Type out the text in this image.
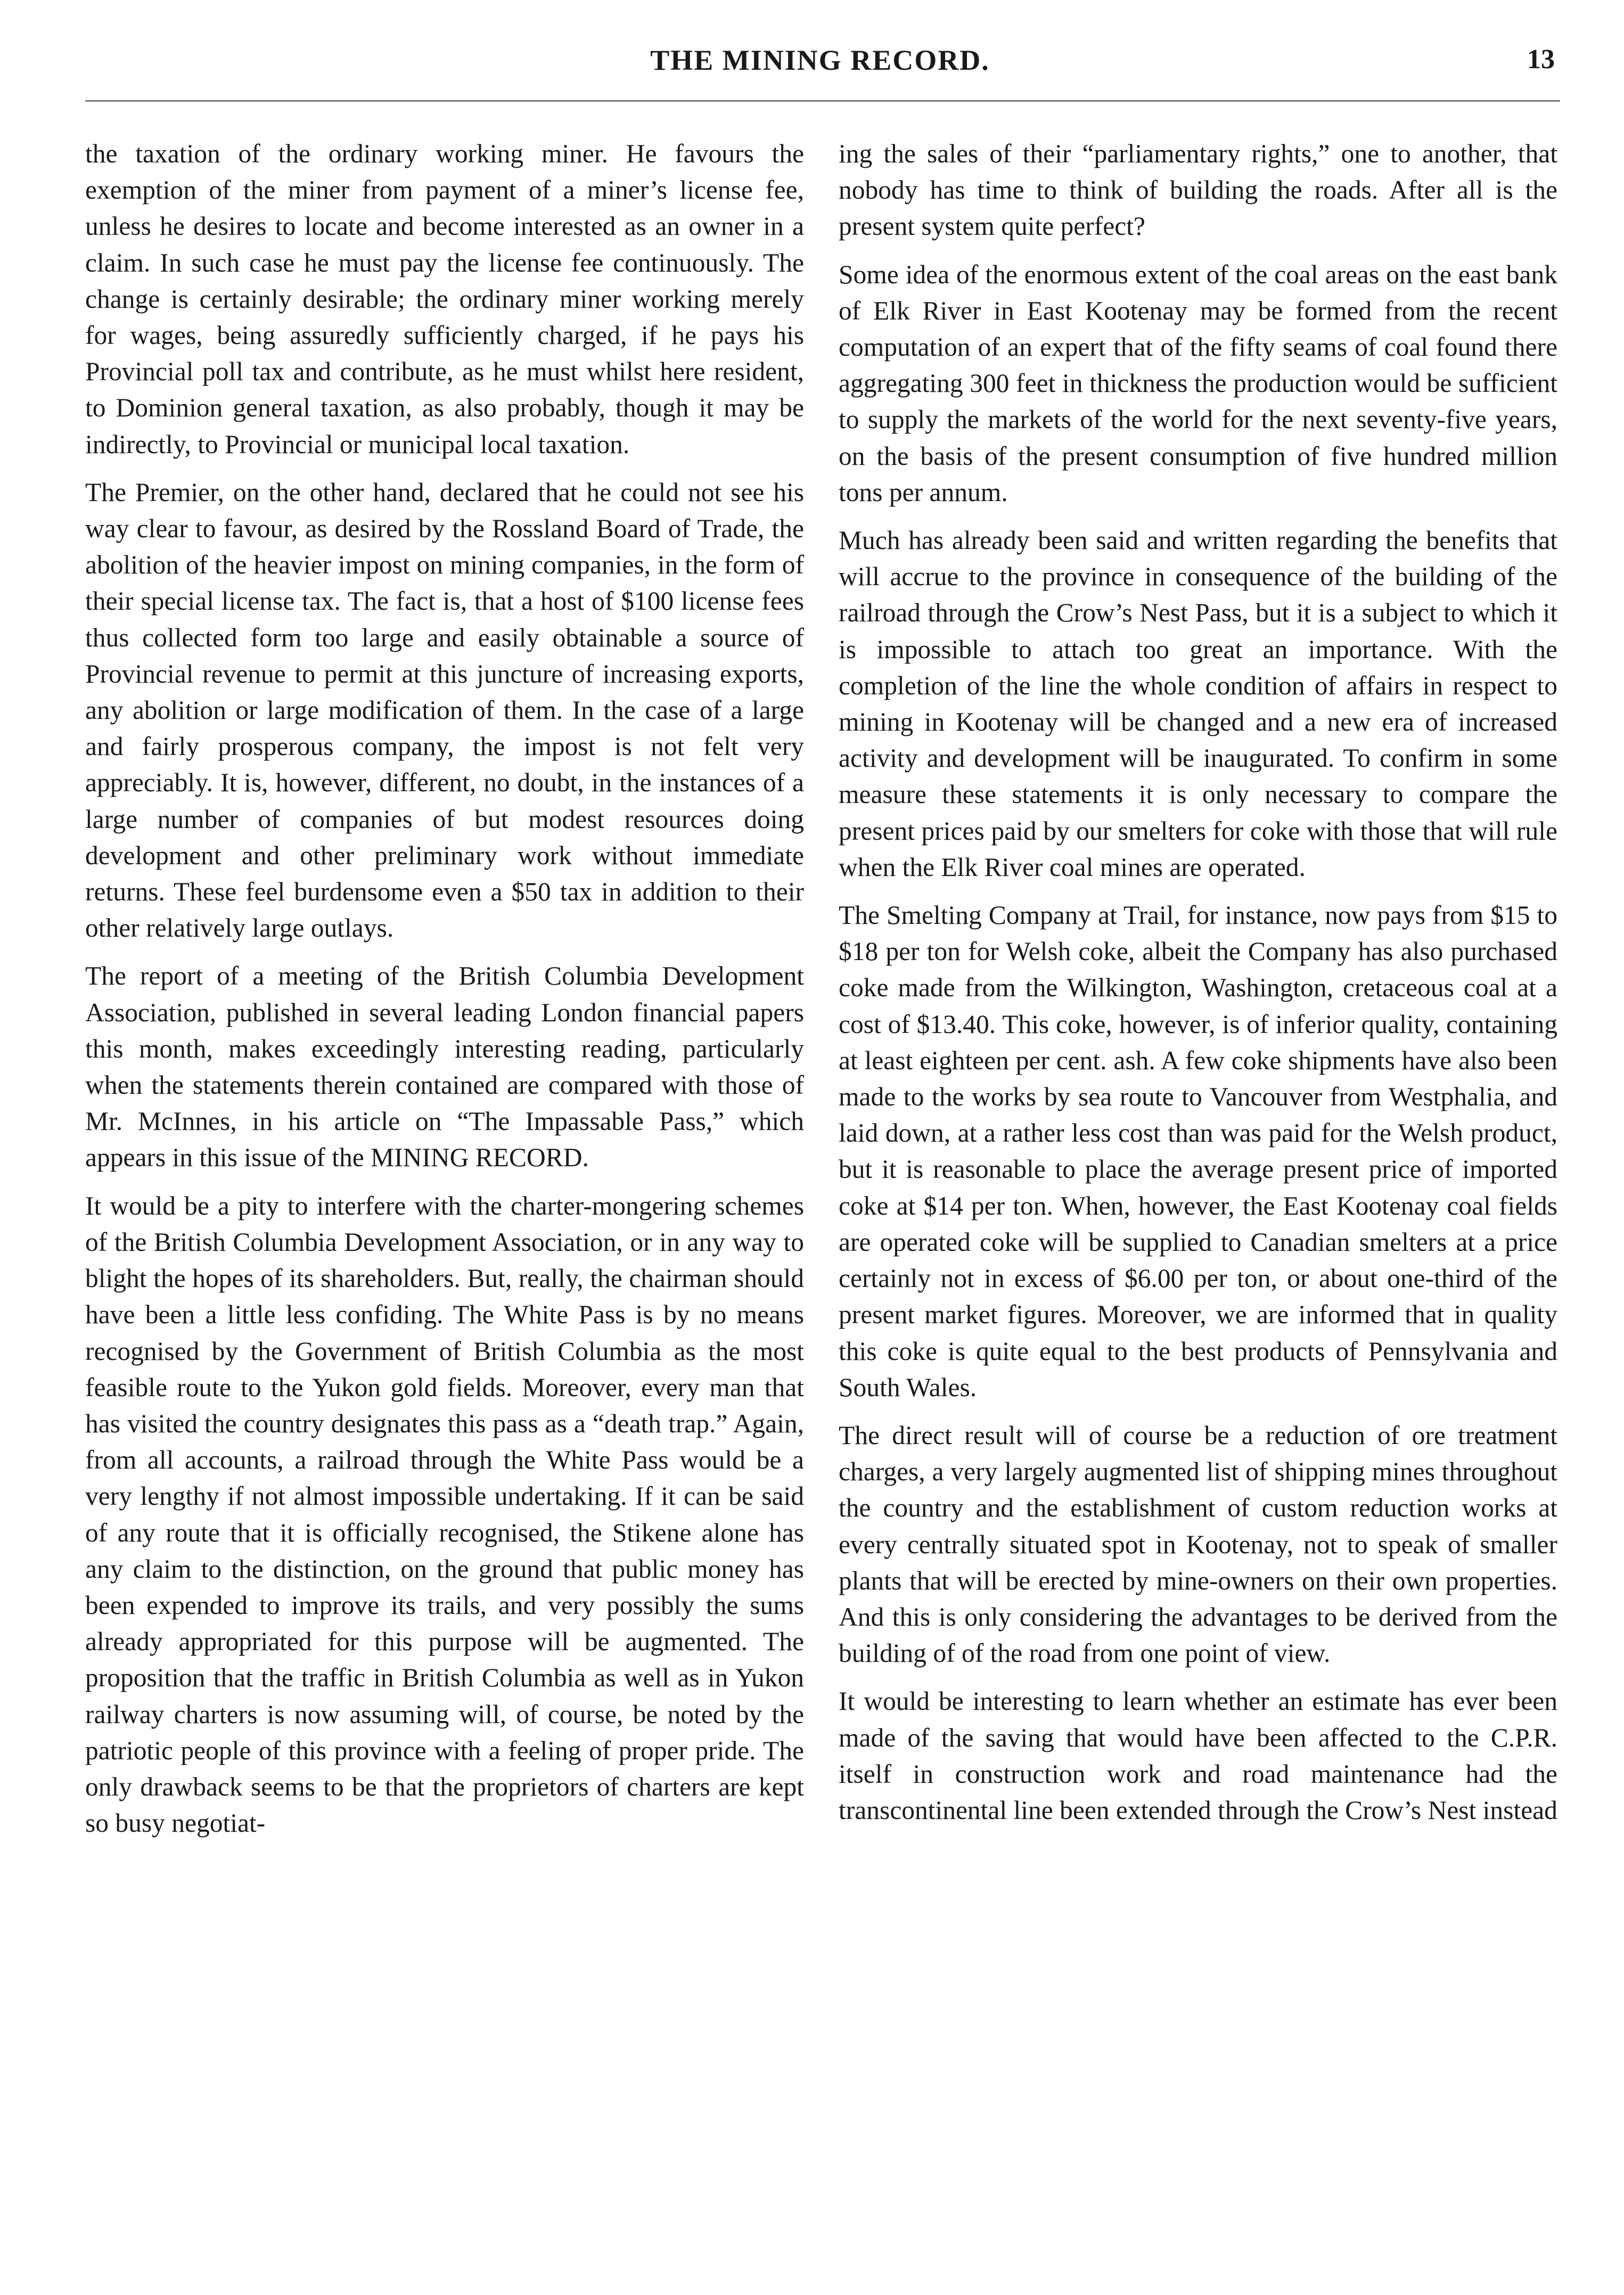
THE MINING RECORD.	13

the taxation of the ordinary working miner. He favours the exemption of the miner from payment of a miner’s license fee, unless he desires to locate and become interested as an owner in a claim. In such case he must pay the license fee continuously. The change is certainly desirable; the ordinary miner working merely for wages, being assuredly sufficiently charged, if he pays his Provincial poll tax and contribute, as he must whilst here resident, to Dominion general taxation, as also probably, though it may be indirectly, to Provincial or municipal local taxation.

The Premier, on the other hand, declared that he could not see his way clear to favour, as desired by the Rossland Board of Trade, the abolition of the heavier impost on mining companies, in the form of their special license tax. The fact is, that a host of $100 license fees thus collected form too large and easily obtainable a source of Provincial revenue to permit at this juncture of increasing exports, any abolition or large modification of them. In the case of a large and fairly prosperous company, the impost is not felt very appreciably. It is, however, different, no doubt, in the instances of a large number of companies of but modest resources doing development and other preliminary work without immediate returns. These feel burdensome even a $50 tax in addition to their other relatively large outlays.

The report of a meeting of the British Columbia Development Association, published in several leading London financial papers this month, makes exceedingly interesting reading, particularly when the statements therein contained are compared with those of Mr. McInnes, in his article on “The Impassable Pass,” which appears in this issue of the MINING RECORD.

It would be a pity to interfere with the charter-mongering schemes of the British Columbia Development Association, or in any way to blight the hopes of its shareholders. But, really, the chairman should have been a little less confiding. The White Pass is by no means recognised by the Government of British Columbia as the most feasible route to the Yukon gold fields. Moreover, every man that has visited the country designates this pass as a “death trap.” Again, from all accounts, a railroad through the White Pass would be a very lengthy if not almost impossible undertaking. If it can be said of any route that it is officially recognised, the Stikene alone has any claim to the distinction, on the ground that public money has been expended to improve its trails, and very possibly the sums already appropriated for this purpose will be augmented. The proposition that the traffic in British Columbia as well as in Yukon railway charters is now assuming will, of course, be noted by the patriotic people of this province with a feeling of proper pride. The only drawback seems to be that the proprietors of charters are kept so busy negotiat-

ing the sales of their “parliamentary rights,” one to another, that nobody has time to think of building the roads. After all is the present system quite perfect?

Some idea of the enormous extent of the coal areas on the east bank of Elk River in East Kootenay may be formed from the recent computation of an expert that of the fifty seams of coal found there aggregating 300 feet in thickness the production would be sufficient to supply the markets of the world for the next seventy-five years, on the basis of the present consumption of five hundred million tons per annum.

Much has already been said and written regarding the benefits that will accrue to the province in consequence of the building of the railroad through the Crow’s Nest Pass, but it is a subject to which it is impossible to attach too great an importance. With the completion of the line the whole condition of affairs in respect to mining in Kootenay will be changed and a new era of increased activity and development will be inaugurated. To confirm in some measure these statements it is only necessary to compare the present prices paid by our smelters for coke with those that will rule when the Elk River coal mines are operated.

The Smelting Company at Trail, for instance, now pays from $15 to $18 per ton for Welsh coke, albeit the Company has also purchased coke made from the Wilkington, Washington, cretaceous coal at a cost of $13.40. This coke, however, is of inferior quality, containing at least eighteen per cent. ash. A few coke shipments have also been made to the works by sea route to Vancouver from Westphalia, and laid down, at a rather less cost than was paid for the Welsh product, but it is reasonable to place the average present price of imported coke at $14 per ton. When, however, the East Kootenay coal fields are operated coke will be supplied to Canadian smelters at a price certainly not in excess of $6.00 per ton, or about one-third of the present market figures. Moreover, we are informed that in quality this coke is quite equal to the best products of Pennsylvania and South Wales.

The direct result will of course be a reduction of ore treatment charges, a very largely augmented list of shipping mines throughout the country and the establishment of custom reduction works at every centrally situated spot in Kootenay, not to speak of smaller plants that will be erected by mine-owners on their own properties. And this is only considering the advantages to be derived from the building of of the road from one point of view.

It would be interesting to learn whether an estimate has ever been made of the saving that would have been affected to the C.P.R. itself in construction work and road maintenance had the transcontinental line been extended through the Crow’s Nest instead
